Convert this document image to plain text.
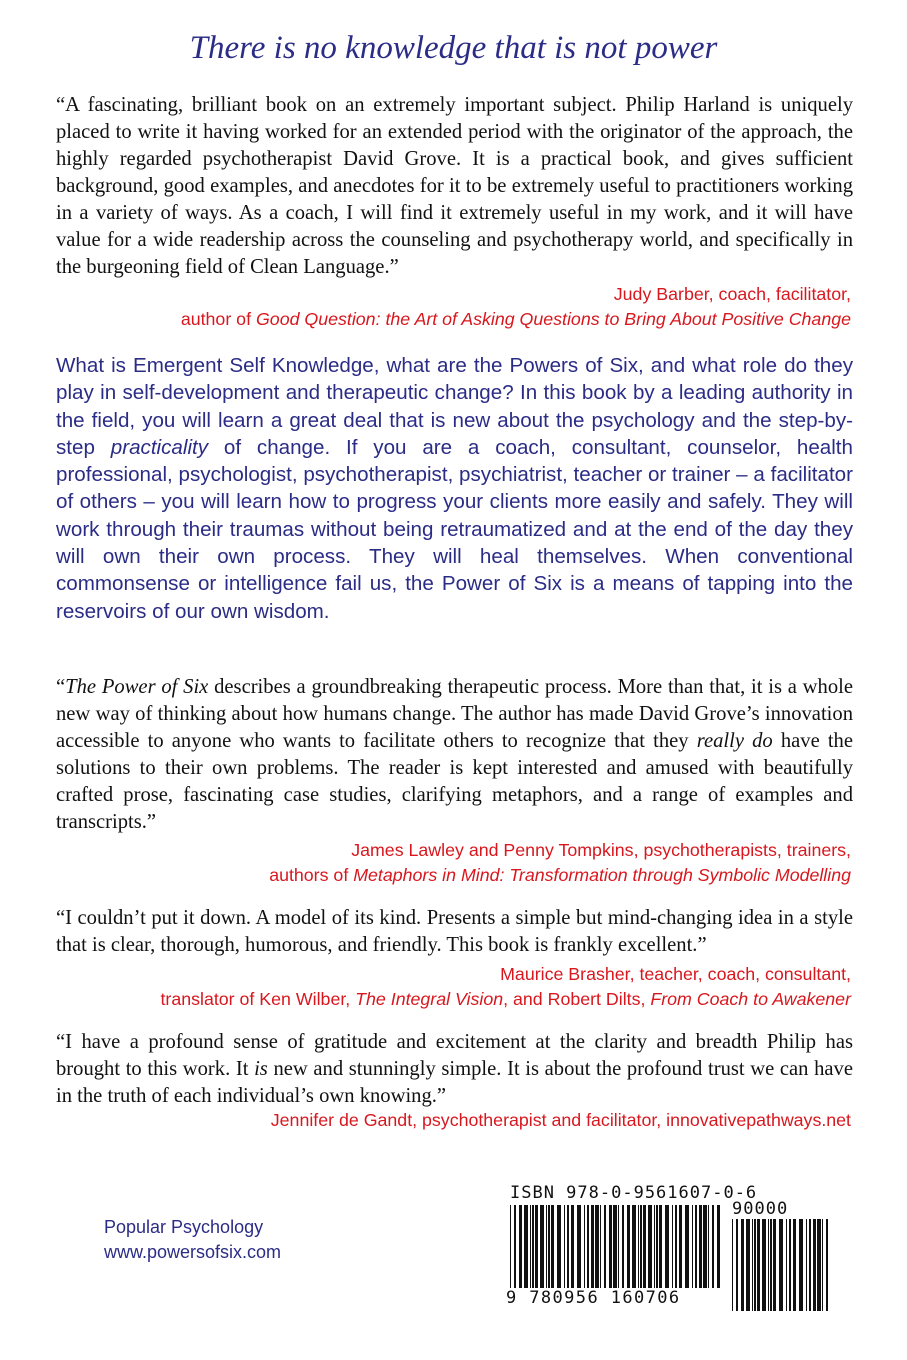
There is no knowledge that is not power
“A fascinating, brilliant book on an extremely important subject. Philip Harland is uniquely placed to write it having worked for an extended period with the originator of the approach, the highly regarded psychotherapist David Grove. It is a practical book, and gives sufficient background, good examples, and anecdotes for it to be extremely useful to practitioners working in a variety of ways. As a coach, I will find it extremely useful in my work, and it will have value for a wide readership across the counseling and psychotherapy world, and specifically in the burgeoning field of Clean Language.”
Judy Barber, coach, facilitator,
author of Good Question: the Art of Asking Questions to Bring About Positive Change
What is Emergent Self Knowledge, what are the Powers of Six, and what role do they play in self-development and therapeutic change? In this book by a leading authority in the field, you will learn a great deal that is new about the psychology and the step-by-step practicality of change. If you are a coach, consultant, counselor, health professional, psychologist, psychotherapist, psychiatrist, teacher or trainer – a facilitator of others – you will learn how to progress your clients more easily and safely. They will work through their traumas without being retraumatized and at the end of the day they will own their own process. They will heal themselves. When conventional commonsense or intelligence fail us, the Power of Six is a means of tapping into the reservoirs of our own wisdom.
“The Power of Six describes a groundbreaking therapeutic process. More than that, it is a whole new way of thinking about how humans change. The author has made David Grove’s innovation accessible to anyone who wants to facilitate others to recognize that they really do have the solutions to their own problems. The reader is kept interested and amused with beautifully crafted prose, fascinating case studies, clarifying metaphors, and a range of examples and transcripts.”
James Lawley and Penny Tompkins, psychotherapists, trainers,
authors of Metaphors in Mind: Transformation through Symbolic Modelling
“I couldn’t put it down. A model of its kind. Presents a simple but mind-changing idea in a style that is clear, thorough, humorous, and friendly. This book is frankly excellent.”
Maurice Brasher, teacher, coach, consultant,
translator of Ken Wilber, The Integral Vision, and Robert Dilts, From Coach to Awakener
“I have a profound sense of gratitude and excitement at the clarity and breadth Philip has brought to this work. It is new and stunningly simple. It is about the profound trust we can have in the truth of each individual’s own knowing.”
Jennifer de Gandt, psychotherapist and facilitator, innovativepathways.net
Popular Psychology
www.powersofsix.com
ISBN 978-0-9561607-0-6
9 780956 160706
90000
